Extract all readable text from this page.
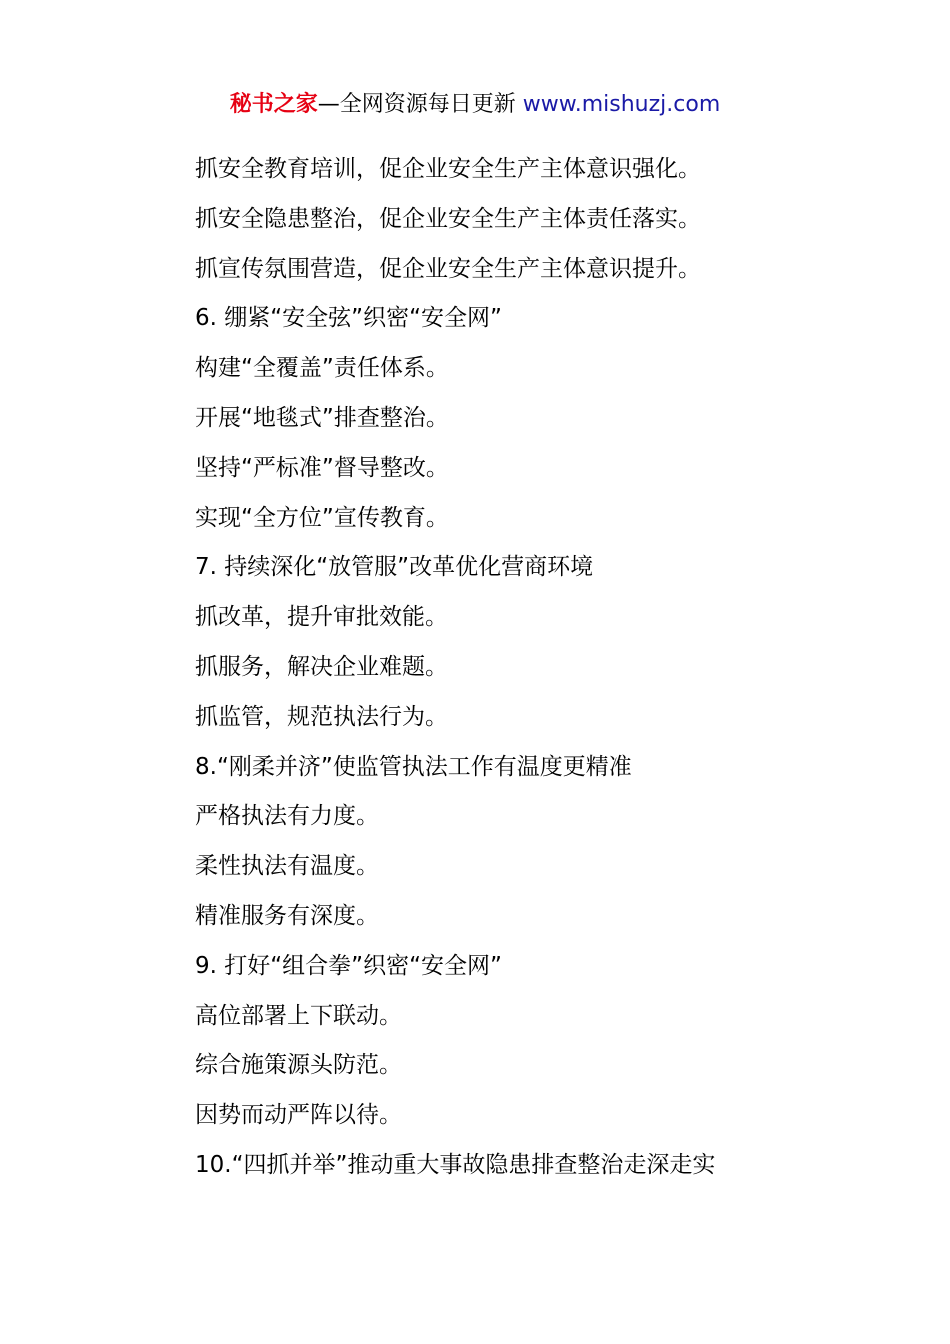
秘书之家—全网资源每日更新 www.mishuzj.com
抓安全教育培训，促企业安全生产主体意识强化。
抓安全隐患整治，促企业安全生产主体责任落实。
抓宣传氛围营造，促企业安全生产主体意识提升。
6. 绷紧“安全弦”织密“安全网”
构建“全覆盖”责任体系。
开展“地毯式”排查整治。
坚持“严标准”督导整改。
实现“全方位”宣传教育。
7. 持续深化“放管服”改革优化营商环境
抓改革，提升审批效能。
抓服务，解决企业难题。
抓监管，规范执法行为。
8.“刚柔并济”使监管执法工作有温度更精准
严格执法有力度。
柔性执法有温度。
精准服务有深度。
9. 打好“组合拳”织密“安全网”
高位部署上下联动。
综合施策源头防范。
因势而动严阵以待。
10.“四抓并举”推动重大事故隐患排查整治走深走实
